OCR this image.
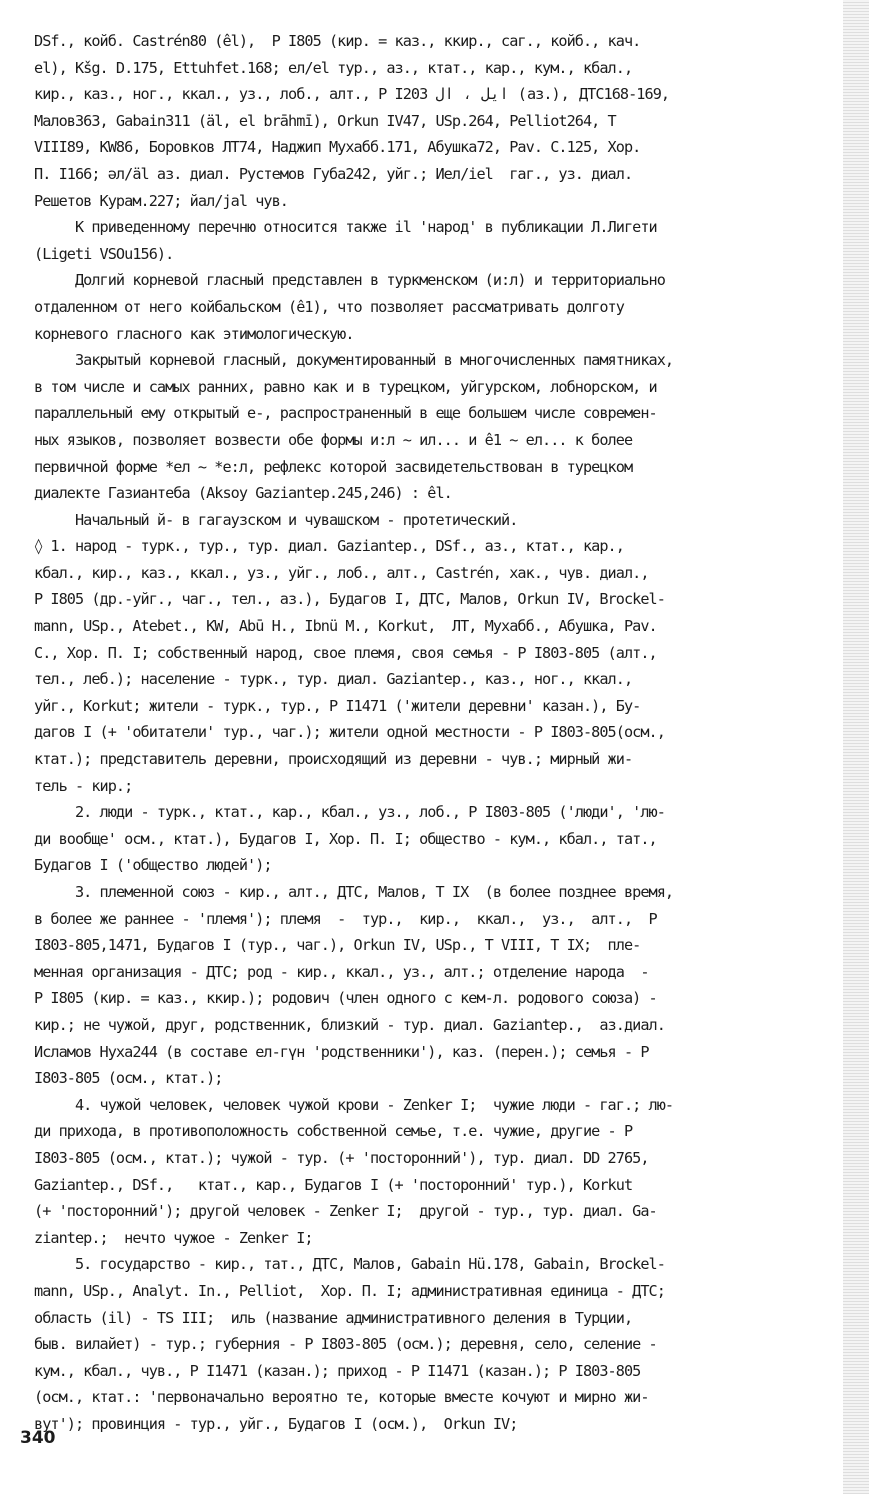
DSf., койб. Castrén80 (êl),  P I805 (кир. = каз., ккир., саг., койб., кач.
el), Kšg. D.175, Ettuhfet.168; ел/el тур., аз., ктат., кар., кум., кбал.,
кир., каз., ног., ккал., уз., лоб., алт., P I203 ایل ، ال (аз.), ДТС168-169,
Малов363, Gabain311 (äl, el brāhmī), Orkun IV47, USp.264, Pelliot264, T
VIII89, KW86, Боровков ЛТ74, Наджип Мухабб.171, Абушка72, Pav. C.125, Хор.
П. I166; әл/äl аз. диал. Рустемов Губа242, уйг.; Иел/iel  гаг., уз. диал.
Решетов Курам.227; йал/jal чув.
К приведенному перечню относится также il 'народ' в публикации Л.Лигети
(Ligeti VSOu156).
Долгий корневой гласный представлен в туркменском (и:л) и территориально
отдаленном от него койбальском (ê1), что позволяет рассматривать долготу
корневого гласного как этимологическую.
Закрытый корневой гласный, документированный в многочисленных памятниках,
в том числе и самых ранних, равно как и в турецком, уйгурском, лобнорском, и
параллельный ему открытый е-, распространенный в еще большем числе современ-
ных языков, позволяет возвести обе формы и:л ~ ил... и ê1 ~ ел... к более
первичной форме *ел ~ *е:л, рефлекс которой засвидетельствован в турецком
диалекте Газиантеба (Aksoy Gaziantep.245,246) : êl.
Начальный й- в гагаузском и чувашском - протетический.
◊ 1. народ - туpк., тур., тур. диал. Gaziantep., DSf., аз., ктат., кар.,
кбал., кир., каз., ккал., уз., уйг., лоб., алт., Castrén, хак., чув. диал.,
P I805 (др.-уйг., чаг., тел., аз.), Будагов I, ДТС, Малов, Orkun IV, Brockel-
mann, USp., Atebet., KW, Abū H., Ibnü M., Korkut,  ЛТ, Мухабб., Абушка, Pav.
C., Хор. П. I; собственный народ, свое племя, своя семья - P I803-805 (алт.,
тел., леб.); население - турк., тур. диал. Gaziantep., каз., ног., ккал.,
уйг., Korkut; жители - турк., тур., P I1471 ('жители деревни' казан.), Бу-
дагов I (+ 'обитатели' тур., чаг.); жители одной местности - P I803-805(осм.,
ктат.); представитель деревни, происходящий из деревни - чув.; мирный жи-
тель - кир.;
2. люди - турк., ктат., кар., кбал., уз., лоб., P I803-805 ('люди', 'лю-
ди вообще' осм., ктат.), Будагов I, Хор. П. I; общество - кум., кбал., тат.,
Будагов I ('общество людей');
3. племенной союз - кир., алт., ДТС, Малов, T IX  (в более позднее время,
в более же раннее - 'племя'); племя  -  тур.,  кир.,  ккал.,  уз.,  алт.,  P
I803-805,1471, Будагов I (тур., чаг.), Orkun IV, USp., T VIII, T IX;  пле-
менная организация - ДТС; род - кир., ккал., уз., алт.; отделение народа  -
P I805 (кир. = каз., ккир.); родович (член одного с кем-л. родового союза) -
кир.; не чужой, друг, родственник, близкий - тур. диал. Gaziantep.,  аз.диал.
Исламов Нуха244 (в составе ел-гүн 'родственники'), каз. (перен.); семья - P
I803-805 (осм., ктат.);
4. чужой человек, человек чужой крови - Zenker I;  чужие люди - гаг.; лю-
ди прихода, в противоположность собственной семье, т.е. чужие, другие - P
I803-805 (осм., ктат.); чужой - тур. (+ 'посторонний'), тур. диал. DD 2765,
Gaziantep., DSf.,   ктат., кар., Будагов I (+ 'посторонний' тур.), Korkut
(+ 'посторонний'); другой человек - Zenker I;  другой - тур., тур. диал. Ga-
ziantep.;  нечто чужое - Zenker I;
5. государство - кир., тат., ДТС, Малов, Gabain Hü.178, Gabain, Brockel-
mann, USp., Analyt. In., Pelliot,  Хор. П. I; административная единица - ДТС;
область (il) - TS III;  иль (название административного деления в Турции,
быв. вилайет) - тур.; губерния - P I803-805 (осм.); деревня, село, селение -
кум., кбал., чув., P I1471 (казан.); приход - P I1471 (казан.); P I803-805
(осм., ктат.: 'первоначально вероятно те, которые вместе кочуют и мирно жи-
вут'); провинция - тур., уйг., Будагов I (осм.),  Orkun IV;
340
